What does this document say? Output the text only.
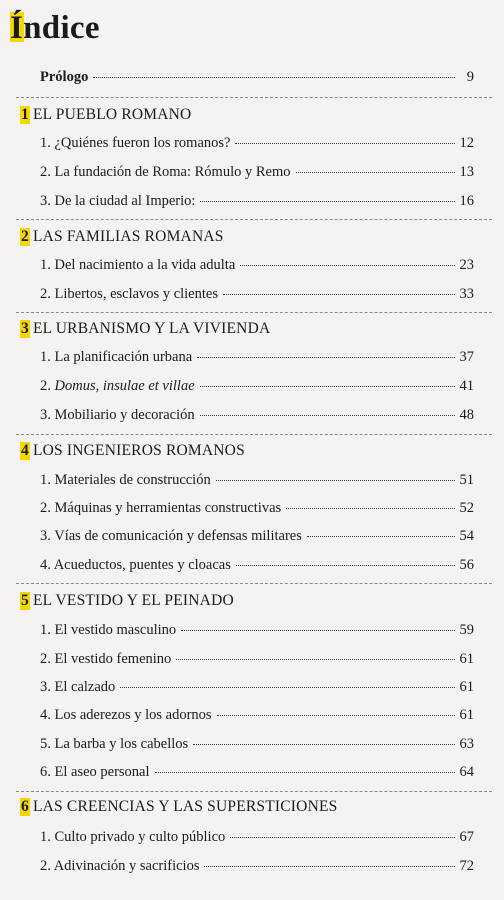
Índice
Prólogo	9
1 EL PUEBLO ROMANO
1. ¿Quiénes fueron los romanos?	12
2. La fundación de Roma: Rómulo y Remo	13
3. De la ciudad al Imperio:	16
2 LAS FAMILIAS ROMANAS
1. Del nacimiento a la vida adulta	23
2. Libertos, esclavos y clientes	33
3 EL URBANISMO Y LA VIVIENDA
1. La planificación urbana	37
2. Domus, insulae et villae	41
3. Mobiliario y decoración	48
4 LOS INGENIEROS ROMANOS
1. Materiales de construcción	51
2. Máquinas y herramientas constructivas	52
3. Vías de comunicación y defensas militares	54
4. Acueductos, puentes y cloacas	56
5 EL VESTIDO Y EL PEINADO
1. El vestido masculino	59
2. El vestido femenino	61
3. El calzado	61
4. Los aderezos y los adornos	61
5. La barba y los cabellos	63
6. El aseo personal	64
6 LAS CREENCIAS Y LAS SUPERSTICIONES
1. Culto privado y culto público	67
2. Adivinación y sacrificios	72
